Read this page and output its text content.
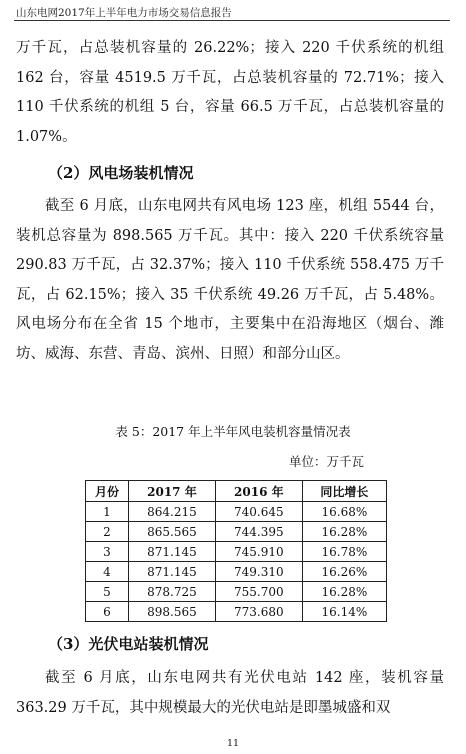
山东电网2017年上半年电力市场交易信息报告

万千瓦，占总装机容量的 26.22%；接入 220 千伏系统的机组 162 台，容量 4519.5 万千瓦，占总装机容量的 72.71%；接入 110 千伏系统的机组 5 台，容量 66.5 万千瓦，占总装机容量的 1.07%。

（2）风电场装机情况

截至 6 月底，山东电网共有风电场 123 座，机组 5544 台，装机总容量为 898.565 万千瓦。其中：接入 220 千伏系统容量 290.83 万千瓦，占 32.37%；接入 110 千伏系统 558.475 万千瓦，占 62.15%；接入 35 千伏系统 49.26 万千瓦，占 5.48%。风电场分布在全省 15 个地市，主要集中在沿海地区（烟台、潍坊、威海、东营、青岛、滨州、日照）和部分山区。

表 5：2017 年上半年风电装机容量情况表
单位：万千瓦
月份	2017 年	2016 年	同比增长
1	864.215	740.645	16.68%
2	865.565	744.395	16.28%
3	871.145	745.910	16.78%
4	871.145	749.310	16.26%
5	878.725	755.700	16.28%
6	898.565	773.680	16.14%
（3）光伏电站装机情况

截至 6 月底，山东电网共有光伏电站 142 座，装机容量 363.29 万千瓦，其中规模最大的光伏电站是即墨城盛和双

11
